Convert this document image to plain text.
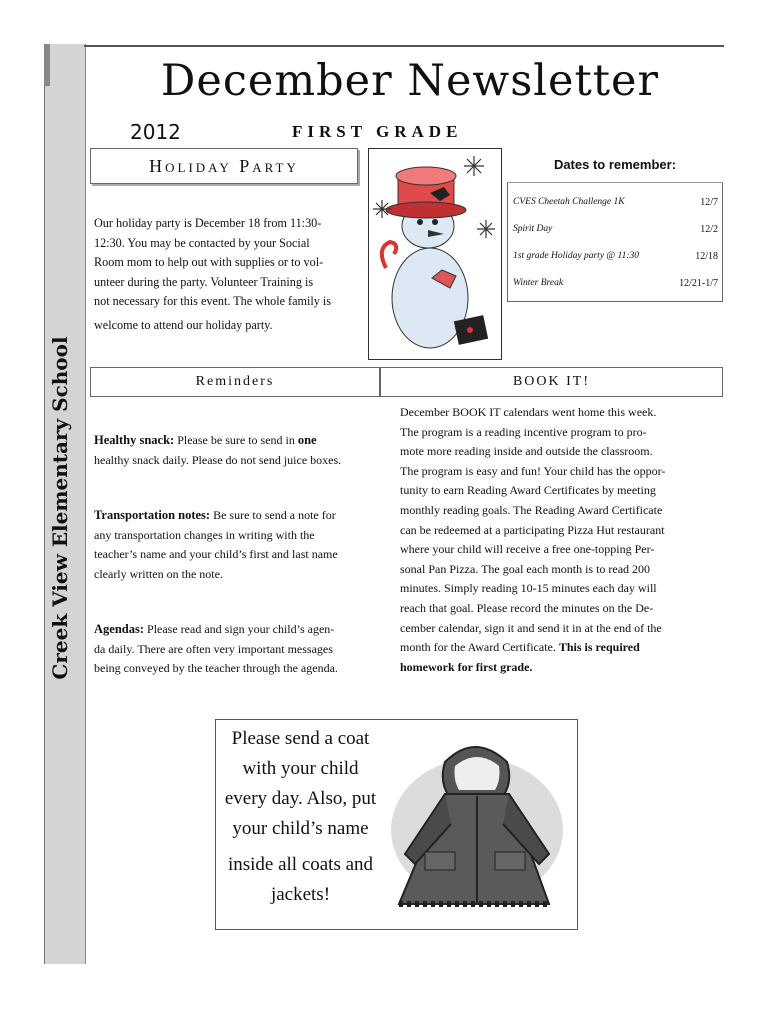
Creek View Elementary School
December Newsletter
2012	FIRST GRADE
Holiday Party
Our holiday party is December 18 from 11:30-
12:30. You may be contacted by your Social
Room mom to help out with supplies or to vol-
unteer during the party. Volunteer Training is
not necessary for this event. The whole family is
welcome to attend our holiday party.
Dates to remember:
CVES Cheetah Challenge 1K	12/7
Spirit Day	12/2
1st grade Holiday party @ 11:30	12/18
Winter Break	12/21-1/7
Reminders	BOOK IT!
Healthy snack: Please be sure to send in one
healthy snack daily. Please do not send juice boxes.
Transportation notes: Be sure to send a note for
any transportation changes in writing with the
teacher’s name and your child’s first and last name
clearly written on the note.
Agendas: Please read and sign your child’s agen-
da daily. There are often very important messages
being conveyed by the teacher through the agenda.
December BOOK IT calendars went home this week.
The program is a reading incentive program to pro-
mote more reading inside and outside the classroom.
The program is easy and fun! Your child has the oppor-
tunity to earn Reading Award Certificates by meeting
monthly reading goals. The Reading Award Certificate
can be redeemed at a participating Pizza Hut restaurant
where your child will receive a free one-topping Per-
sonal Pan Pizza. The goal each month is to read 200
minutes. Simply reading 10-15 minutes each day will
reach that goal. Please record the minutes on the De-
cember calendar, sign it and send it in at the end of the
month for the Award Certificate. This is required
homework for first grade.
Please send a coat
with your child
every day. Also, put
your child’s name
inside all coats and
jackets!
